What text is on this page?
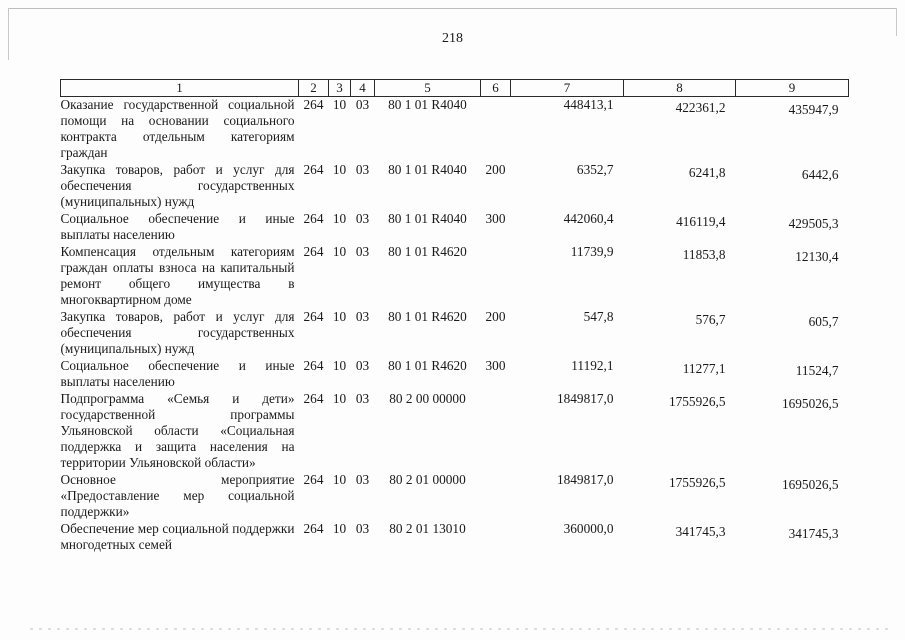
218
1	2	3	4	5	6	7	8	9
Оказание государственной социальной помощи на основании социального контракта отдельным категориям граждан	264	10	03	80 1 01 R4040		448413,1	422361,2	435947,9
Закупка товаров, работ и услуг для обеспечения государственных (муниципальных) нужд	264	10	03	80 1 01 R4040	200	6352,7	6241,8	6442,6
Социальное обеспечение и иные выплаты населению	264	10	03	80 1 01 R4040	300	442060,4	416119,4	429505,3
Компенсация отдельным категориям граждан оплаты взноса на капитальный ремонт общего имущества в многоквартирном доме	264	10	03	80 1 01 R4620		11739,9	11853,8	12130,4
Закупка товаров, работ и услуг для обеспечения государственных (муниципальных) нужд	264	10	03	80 1 01 R4620	200	547,8	576,7	605,7
Социальное обеспечение и иные выплаты населению	264	10	03	80 1 01 R4620	300	11192,1	11277,1	11524,7
Подпрограмма «Семья и дети» государственной программы Ульяновской области «Социальная поддержка и защита населения на территории Ульяновской области»	264	10	03	80 2 00 00000		1849817,0	1755926,5	1695026,5
Основное мероприятие «Предоставление мер социальной поддержки»	264	10	03	80 2 01 00000		1849817,0	1755926,5	1695026,5
Обеспечение мер социальной поддержки многодетных семей	264	10	03	80 2 01 13010		360000,0	341745,3	341745,3
